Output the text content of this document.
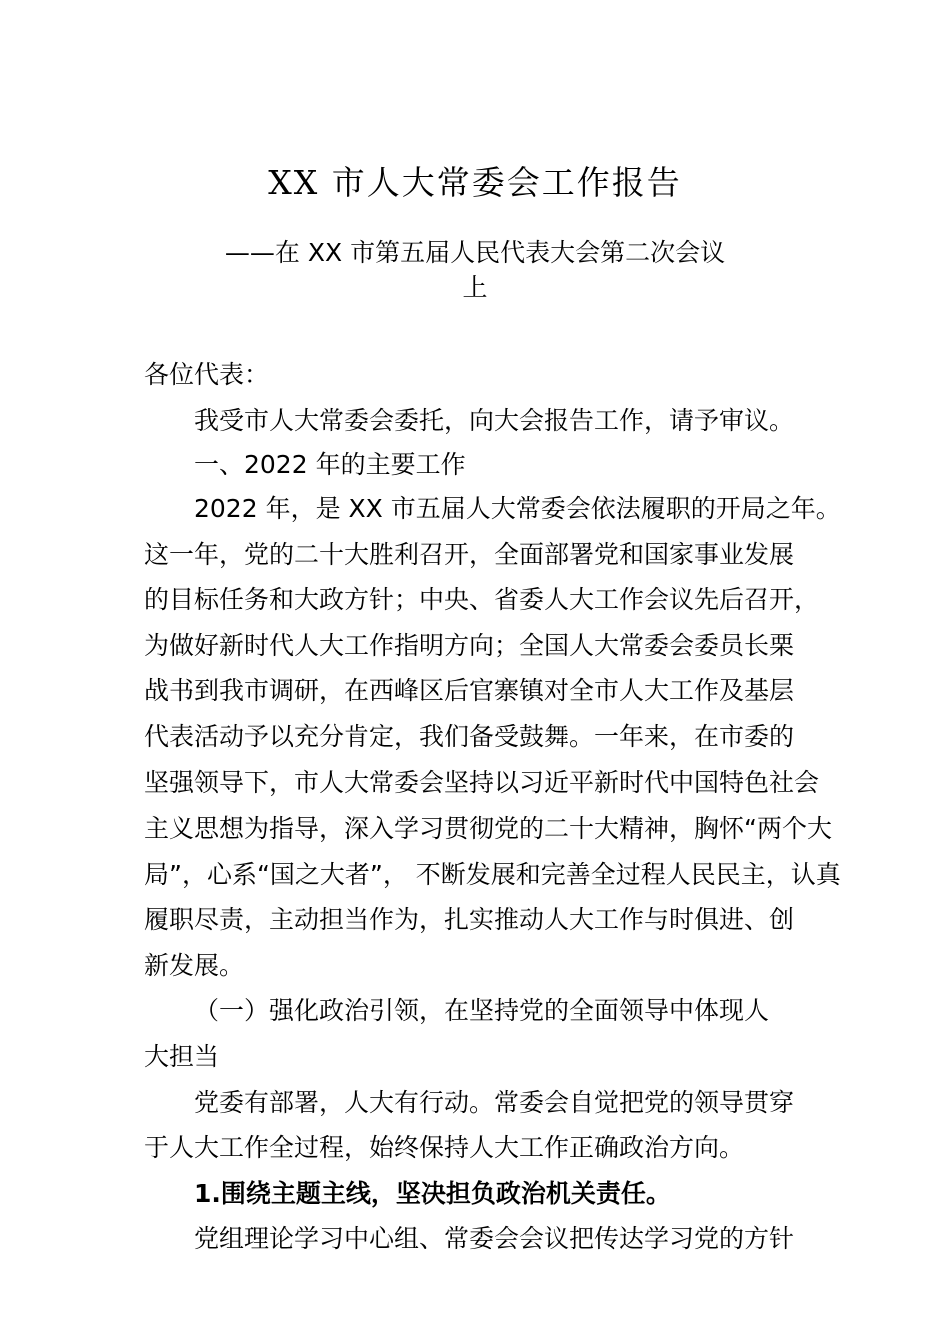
XX 市人大常委会工作报告
——在 XX 市第五届人民代表大会第二次会议
上
各位代表：
我受市人大常委会委托，向大会报告工作，请予审议。
一、2022 年的主要工作
2022 年，是 XX 市五届人大常委会依法履职的开局之年。
这一年，党的二十大胜利召开，全面部署党和国家事业发展
的目标任务和大政方针；中央、省委人大工作会议先后召开，
为做好新时代人大工作指明方向；全国人大常委会委员长栗
战书到我市调研，在西峰区后官寨镇对全市人大工作及基层
代表活动予以充分肯定，我们备受鼓舞。一年来，在市委的
坚强领导下，市人大常委会坚持以习近平新时代中国特色社会
主义思想为指导，深入学习贯彻党的二十大精神，胸怀“两个大
局”，心系“国之大者”， 不断发展和完善全过程人民民主，认真
履职尽责，主动担当作为，扎实推动人大工作与时俱进、创
新发展。
（一）强化政治引领，在坚持党的全面领导中体现人
大担当
党委有部署，人大有行动。常委会自觉把党的领导贯穿
于人大工作全过程，始终保持人大工作正确政治方向。
1.围绕主题主线，坚决担负政治机关责任。
党组理论学习中心组、常委会会议把传达学习党的方针
